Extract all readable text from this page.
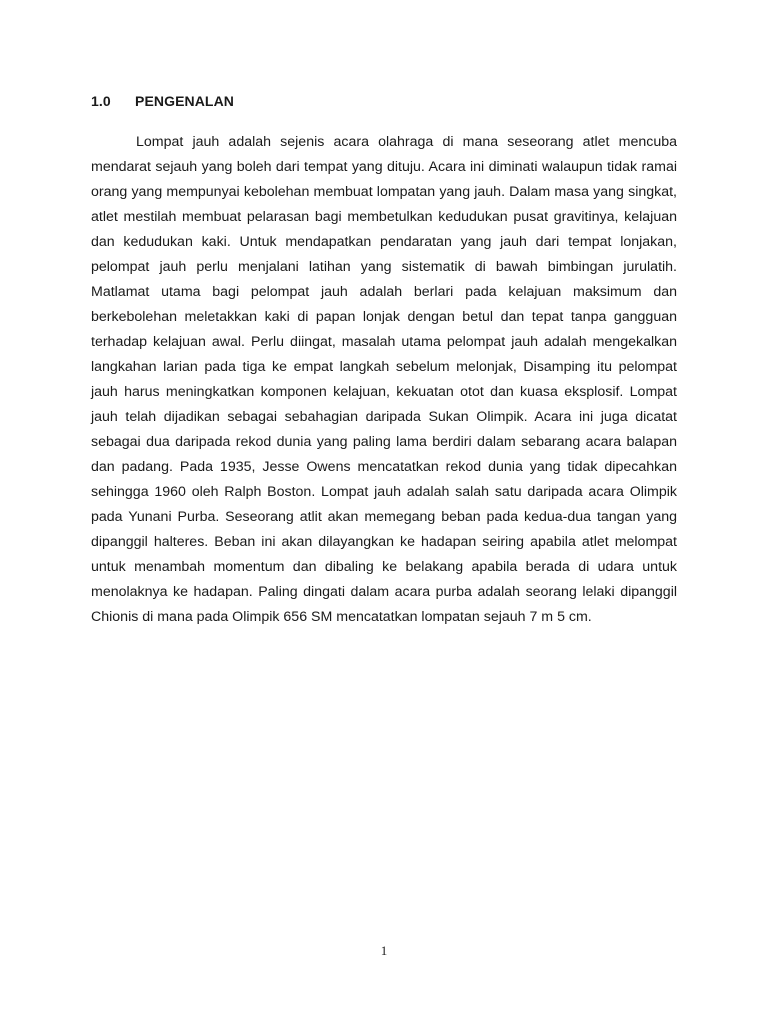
1.0 PENGENALAN

Lompat jauh adalah sejenis acara olahraga di mana seseorang atlet mencuba mendarat sejauh yang boleh dari tempat yang dituju. Acara ini diminati walaupun tidak ramai orang yang mempunyai kebolehan membuat lompatan yang jauh. Dalam masa yang singkat, atlet mestilah membuat pelarasan bagi membetulkan kedudukan pusat gravitinya, kelajuan dan kedudukan kaki. Untuk mendapatkan pendaratan yang jauh dari tempat lonjakan, pelompat jauh perlu menjalani latihan yang sistematik di bawah bimbingan jurulatih. Matlamat utama bagi pelompat jauh adalah berlari pada kelajuan maksimum dan berkebolehan meletakkan kaki di papan lonjak dengan betul dan tepat tanpa gangguan terhadap kelajuan awal. Perlu diingat, masalah utama pelompat jauh adalah mengekalkan langkahan larian pada tiga ke empat langkah sebelum melonjak, Disamping itu pelompat jauh harus meningkatkan komponen kelajuan, kekuatan otot dan kuasa eksplosif. Lompat jauh telah dijadikan sebagai sebahagian daripada Sukan Olimpik. Acara ini juga dicatat sebagai dua daripada rekod dunia yang paling lama berdiri dalam sebarang acara balapan dan padang. Pada 1935, Jesse Owens mencatatkan rekod dunia yang tidak dipecahkan sehingga 1960 oleh Ralph Boston. Lompat jauh adalah salah satu daripada acara Olimpik pada Yunani Purba. Seseorang atlit akan memegang beban pada kedua-dua tangan yang dipanggil halteres. Beban ini akan dilayangkan ke hadapan seiring apabila atlet melompat untuk menambah momentum dan dibaling ke belakang apabila berada di udara untuk menolaknya ke hadapan. Paling dingati dalam acara purba adalah seorang lelaki dipanggil Chionis di mana pada Olimpik 656 SM mencatatkan lompatan sejauh 7 m 5 cm.

1
